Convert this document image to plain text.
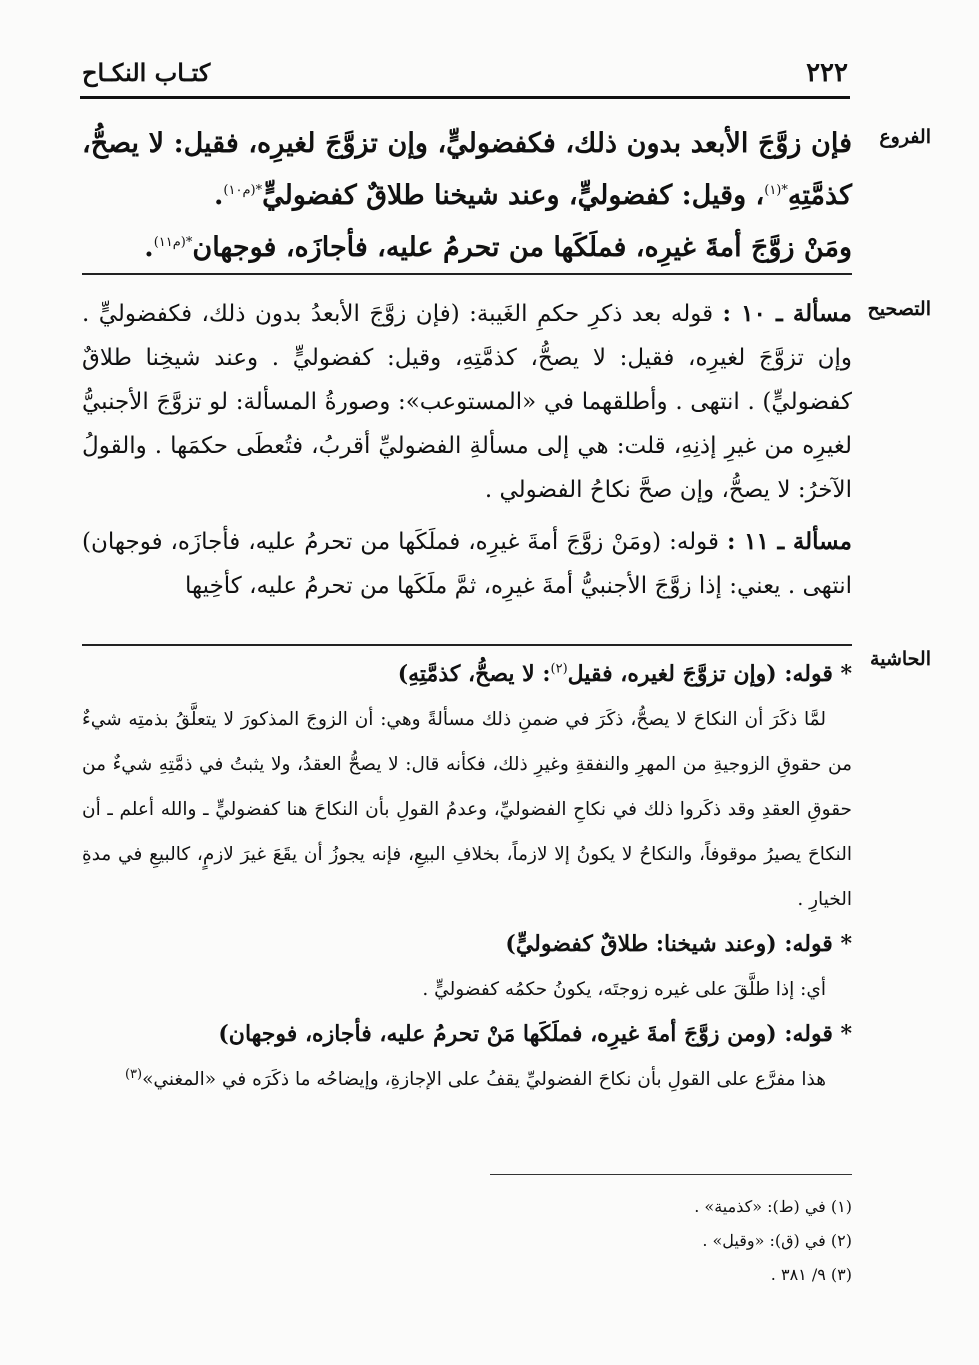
٢٢٢
كتـاب النكـاح
الفروع

فإن زوَّجَ الأبعد بدون ذلك، فكفضوليٍّ، وإن تزوَّجَ لغيرِه، فقيل: لا يصحُّ، كذمَّتِهِ$^{*(١)}$، وقيل: كفضوليٍّ، وعند شيخنا طلاقٌ كفضوليٍّ$^{*(م١٠)}$.

ومَنْ زوَّجَ أمةَ غيرِه، فملَكَها من تحرمُ عليه، فأجازَه، فوجهان$^{*(م١١)}$.

التصحيح

مسألة ـ ١٠ : قوله بعد ذكرِ حكمِ الغَيبة: (فإن زوَّجَ الأبعدُ بدون ذلك، فكفضوليٍّ . وإن تزوَّجَ لغيرِه، فقيل: لا يصحُّ، كذمَّتِهِ، وقيل: كفضوليٍّ . وعند شيخِنا طلاقٌ كفضوليٍّ) . انتهى . وأطلقهما في «المستوعب»: وصورةُ المسألة: لو تزوَّجَ الأجنبيُّ لغيرِه من غيرِ إذنِهِ، قلت: هي إلى مسألةِ الفضوليِّ أقربُ، فتُعطَى حكمَها . والقولُ الآخرُ: لا يصحُّ، وإن صحَّ نكاحُ الفضولي .

مسألة ـ ١١ : قوله: (ومَنْ زوَّجَ أمةَ غيرِه، فملَكَها من تحرمُ عليه، فأجازَه، فوجهان) انتهى . يعني: إذا زوَّجَ الأجنبيُّ أمةَ غيرِه، ثمَّ ملَكَها من تحرمُ عليه، كأخِيها

الحاشية

* قوله: (وإن تزوَّجَ لغيره، فقيل$^{(٢)}$: لا يصحُّ، كذمَّتِهِ)

لمَّا ذكَرَ أن النكاحَ لا يصحُّ، ذكَرَ في ضمنِ ذلك مسألةً وهي: أن الزوجَ المذكورَ لا يتعلَّقُ بذمتِه شيءٌ من حقوقِ الزوجيةِ من المهرِ والنفقةِ وغيرِ ذلك، فكأنه قال: لا يصحُّ العقدُ، ولا يثبتُ في ذمَّتِهِ شيءٌ من حقوقِ العقدِ وقد ذكَروا ذلك في نكاحِ الفضوليِّ، وعدمُ القولِ بأن النكاحَ هنا كفضوليٍّ ـ والله أعلم ـ أن النكاحَ يصيرُ موقوفاً، والنكاحُ لا يكونُ إلا لازماً، بخلافِ البيعِ، فإنه يجوزُ أن يقَعَ غيرَ لازمٍ، كالبيعِ في مدةِ الخيارِ .

* قوله: (وعند شيخنا: طلاقٌ كفضوليٍّ)

أي: إذا طلَّقَ على غيره زوجتَه، يكونُ حكمُه كفضوليٍّ .

* قوله: (ومن زوَّجَ أمةَ غيرِه، فملَكَها مَنْ تحرمُ عليه، فأجازه، فوجهان)

هذا مفرَّع على القولِ بأن نكاحَ الفضوليِّ يقفُ على الإجازةِ، وإيضاحُه ما ذكَرَه في «المغني»$^{(٣)}$

(١) في (ط): «كذمية» .
(٢) في (ق): «وقيل» .
(٣) ٩/ ٣٨١ .
